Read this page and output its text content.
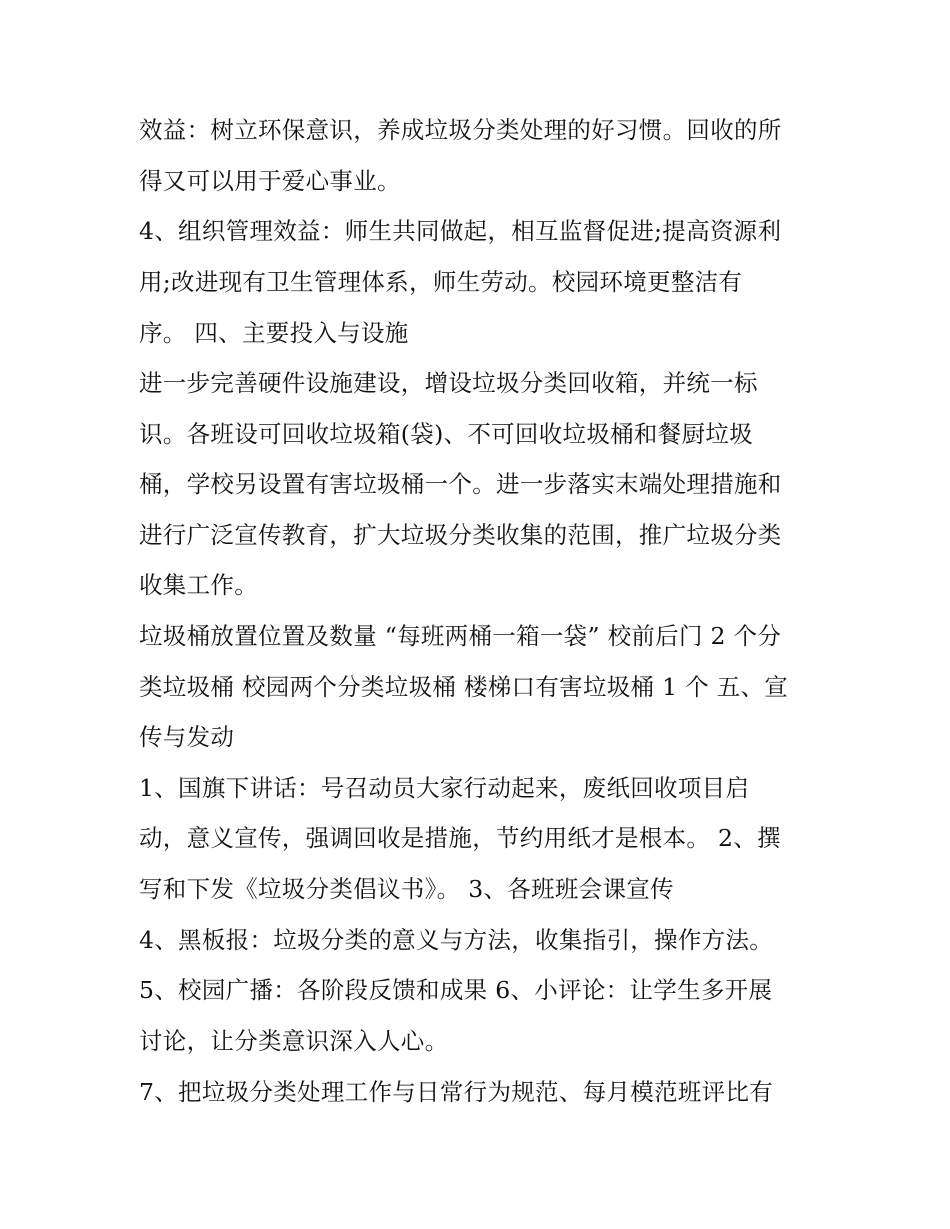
效益：树立环保意识，养成垃圾分类处理的好习惯。回收的所
得又可以用于爱心事业。
4、组织管理效益：师生共同做起，相互监督促进;提高资源利
用;改进现有卫生管理体系，师生劳动。校园环境更整洁有
序。 四、主要投入与设施
进一步完善硬件设施建设，增设垃圾分类回收箱，并统一标
识。各班设可回收垃圾箱(袋)、不可回收垃圾桶和餐厨垃圾
桶，学校另设置有害垃圾桶一个。进一步落实末端处理措施和
进行广泛宣传教育，扩大垃圾分类收集的范围，推广垃圾分类
收集工作。
垃圾桶放置位置及数量 “每班两桶一箱一袋” 校前后门 2 个分
类垃圾桶 校园两个分类垃圾桶 楼梯口有害垃圾桶 1 个 五、宣
传与发动
1、国旗下讲话：号召动员大家行动起来，废纸回收项目启
动，意义宣传，强调回收是措施，节约用纸才是根本。 2、撰
写和下发《垃圾分类倡议书》。 3、各班班会课宣传
4、黑板报：垃圾分类的意义与方法，收集指引，操作方法。
5、校园广播：各阶段反馈和成果 6、小评论：让学生多开展
讨论，让分类意识深入人心。
7、把垃圾分类处理工作与日常行为规范、每月模范班评比有
